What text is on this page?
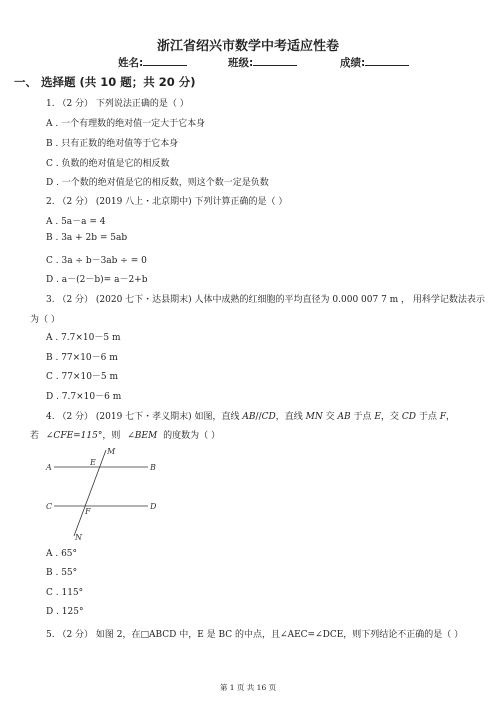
浙江省绍兴市数学中考适应性卷
姓名:	班级:	成绩:
一、 选择题 (共 10 题；共 20 分)
1. （2 分） 下列说法正确的是（ ）
A . 一个有理数的绝对值一定大于它本身
B . 只有正数的绝对值等于它本身
C . 负数的绝对值是它的相反数
D . 一个数的绝对值是它的相反数，则这个数一定是负数
2. （2 分） (2019 八上・北京期中) 下列计算正确的是（ ）
A . 5a－a = 4
B . 3a + 2b = 5ab
C . 3a ÷ b－3ab ÷ = 0
D . a－(2－b)= a－2+b
3. （2 分） (2020 七下・达县期末) 人体中成熟的红细胞的平均直径为 0.000 007 7 m ， 用科学记数法表示
为（ ）
A . 7.7×10－5 m
B . 77×10－6 m
C . 77×10－5 m
D . 7.7×10－6 m
4. （2 分） (2019 七下・孝义期末) 如图，直线 AB//CD，直线 MN 交 AB 于点 E，交 CD 于点 F，
若 ∠CFE=115°，则 ∠BEM 的度数为（ ）
A	B
C	D
E
F
M
N
A . 65°
B . 55°
C . 115°
D . 125°
5. （2 分） 如图 2，在□ABCD 中，E 是 BC 的中点，且∠AEC=∠DCE，则下列结论不正确的是（ ）
第 1 页 共 16 页
